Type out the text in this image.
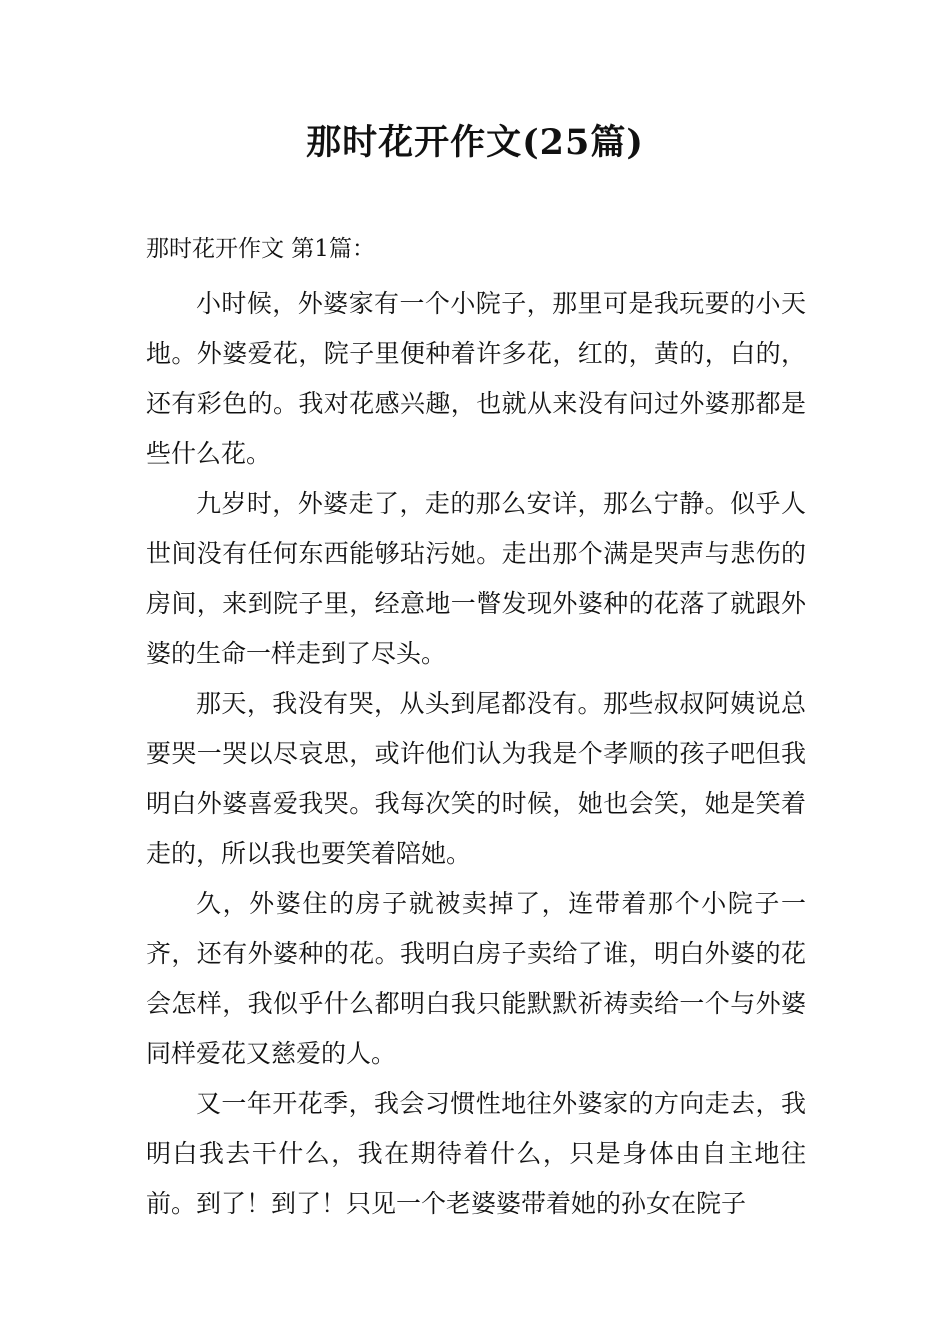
那时花开作文(25篇)

那时花开作文 第1篇：

小时候，外婆家有一个小院子，那里可是我玩要的小天地。外婆爱花，院子里便种着许多花，红的，黄的，白的，还有彩色的。我对花感兴趣，也就从来没有问过外婆那都是些什么花。

九岁时，外婆走了，走的那么安详，那么宁静。似乎人世间没有任何东西能够玷污她。走出那个满是哭声与悲伤的房间，来到院子里，经意地一瞥发现外婆种的花落了就跟外婆的生命一样走到了尽头。

那天，我没有哭，从头到尾都没有。那些叔叔阿姨说总要哭一哭以尽哀思，或许他们认为我是个孝顺的孩子吧但我明白外婆喜爱我哭。我每次笑的时候，她也会笑，她是笑着走的，所以我也要笑着陪她。

久，外婆住的房子就被卖掉了，连带着那个小院子一齐，还有外婆种的花。我明白房子卖给了谁，明白外婆的花会怎样，我似乎什么都明白我只能默默祈祷卖给一个与外婆同样爱花又慈爱的人。

又一年开花季，我会习惯性地往外婆家的方向走去，我明白我去干什么，我在期待着什么，只是身体由自主地往前。到了！到了！只见一个老婆婆带着她的孙女在院子
